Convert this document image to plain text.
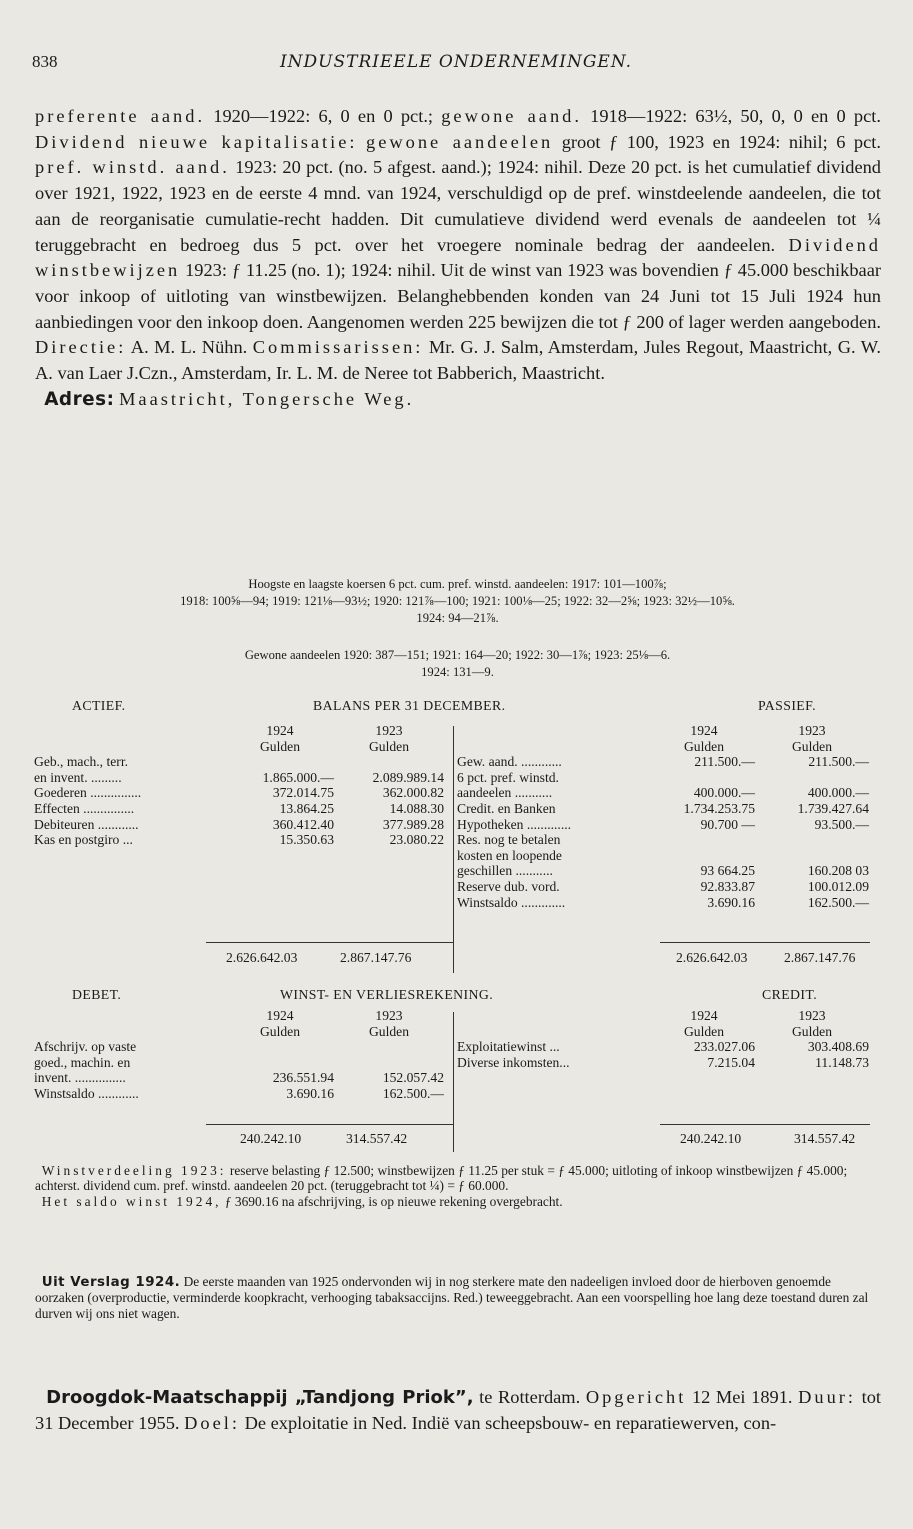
838	INDUSTRIEELE ONDERNEMINGEN.

preferente aand. 1920—1922: 6, 0 en 0 pct.; gewone aand. 1918—1922: 63½, 50, 0, 0 en 0 pct. Dividend nieuwe kapitalisatie: gewone aandeelen groot ƒ 100, 1923 en 1924: nihil; 6 pct. pref. winstd. aand. 1923: 20 pct. (no. 5 afgest. aand.); 1924: nihil. Deze 20 pct. is het cumulatief dividend over 1921, 1922, 1923 en de eerste 4 mnd. van 1924, verschuldigd op de pref. winstdeelende aandeelen, die tot aan de reorganisatie cumulatie-recht hadden. Dit cumulatieve dividend werd evenals de aandeelen tot ¼ teruggebracht en bedroeg dus 5 pct. over het vroegere nominale bedrag der aandeelen. Dividend winstbewijzen 1923: ƒ 11.25 (no. 1); 1924: nihil. Uit de winst van 1923 was bovendien ƒ 45.000 beschikbaar voor inkoop of uitloting van winstbewijzen. Belanghebbenden konden van 24 Juni tot 15 Juli 1924 hun aanbiedingen voor den inkoop doen. Aangenomen werden 225 bewijzen die tot ƒ 200 of lager werden aangeboden. Directie: A. M. L. Nühn. Commissarissen: Mr. G. J. Salm, Amsterdam, Jules Regout, Maastricht, G. W. A. van Laer J.Czn., Amsterdam, Ir. L. M. de Neree tot Babberich, Maastricht.

Adres: Maastricht, Tongersche Weg.

Hoogste en laagste koersen 6 pct. cum. pref. winstd. aandeelen: 1917: 101—100⅞;
1918: 100⅝—94; 1919: 121⅛—93½; 1920: 121⅞—100; 1921: 100⅛—25; 1922: 32—2⅝; 1923: 32½—10⅝.
1924: 94—21⅞.
Gewone aandeelen 1920: 387—151; 1921: 164—20; 1922: 30—1⅞; 1923: 25⅛—6.
1924: 131—9.
ACTIEF.	BALANS PER 31 DECEMBER.	PASSIEF.
	1924	1923
	Gulden	Gulden
Geb., mach., terr.		
en invent. .........	1.865.000.—	2.089.989.14
Goederen ...............	372.014.75	362.000.82
Effecten ...............	13.864.25	14.088.30
Debiteuren ............	360.412.40	377.989.28
Kas en postgiro ...	15.350.63	23.080.22
	1924	1923
	Gulden	Gulden
Gew. aand. ............	211.500.—	211.500.—
6 pct. pref. winstd.		
aandeelen ...........	400.000.—	400.000.—
Credit. en Banken	1.734.253.75	1.739.427.64
Hypotheken .............	90.700 —	93.500.—
Res. nog te betalen		
kosten en loopende		
geschillen ...........	93 664.25	160.208 03
Reserve dub. vord.	92.833.87	100.012.09
Winstsaldo .............	3.690.16	162.500.—
2.626.642.03	2.867.147.76	2.626.642.03	2.867.147.76
DEBET.	WINST- EN VERLIESREKENING.	CREDIT.
	1924	1923
	Gulden	Gulden
Afschrijv. op vaste		
goed., machin. en		
invent. ...............	236.551.94	152.057.42
Winstsaldo ............	3.690.16	162.500.—
	1924	1923
	Gulden	Gulden
Exploitatiewinst ...	233.027.06	303.408.69
Diverse inkomsten...	7.215.04	11.148.73
240.242.10	314.557.42	240.242.10	314.557.42

Winstverdeeling 1923: reserve belasting ƒ 12.500; winstbewijzen ƒ 11.25 per stuk = ƒ 45.000; uitloting of inkoop winstbewijzen ƒ 45.000; achterst. dividend cum. pref. winstd. aandeelen 20 pct. (teruggebracht tot ¼) = ƒ 60.000.

Het saldo winst 1924, ƒ 3690.16 na afschrijving, is op nieuwe rekening overgebracht.

Uit Verslag 1924. De eerste maanden van 1925 ondervonden wij in nog sterkere mate den nadeeligen invloed door de hierboven genoemde oorzaken (overproductie, verminderde koopkracht, verhooging tabaksaccijns. Red.) teweeggebracht. Aan een voorspelling hoe lang deze toestand duren zal durven wij ons niet wagen.

Droogdok-Maatschappij „Tandjong Priok”, te Rotterdam. Opgericht 12 Mei 1891. Duur: tot 31 December 1955. Doel: De exploitatie in Ned. Indië van scheepsbouw- en reparatiewerven, con-
